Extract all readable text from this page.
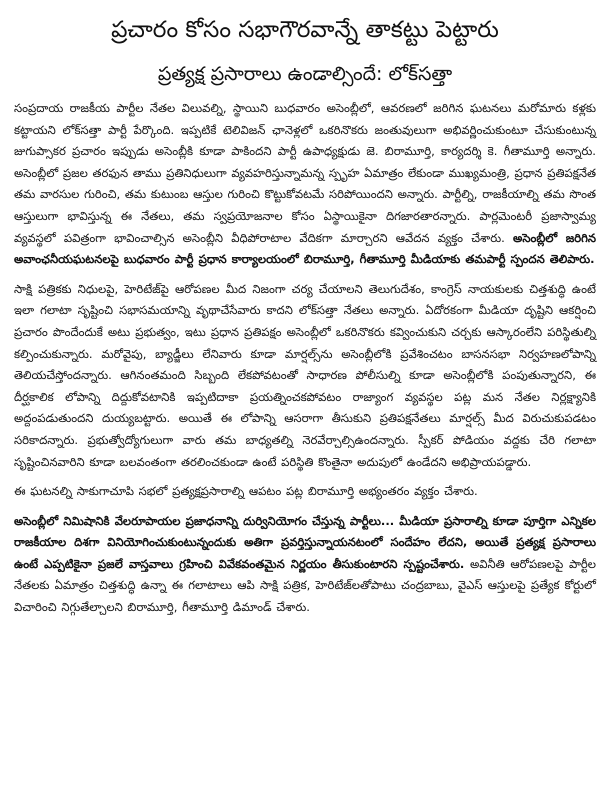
ప్రచారం కోసం సభాగౌరవాన్నే తాకట్టు పెట్టారు
ప్రత్యక్ష ప్రసారాలు ఉండాల్సిందే: లోక్‌సత్తా

సంప్రదాయ రాజకీయ పార్టీల నేతల విలువల్ని, స్థాయిని బుధవారం అసెంబ్లీలో, ఆవరణలో జరిగిన ఘటనలు మరోమారు కళ్లకు కట్టాయని లోక్‌సత్తా పార్టీ పేర్కొంది. ఇప్పటికే టెలివిజన్ ఛానెళ్లలో ఒకరినొకరు జంతువులుగా అభివర్ణించుకుంటూ చేసుకుంటున్న జుగుప్సాకర ప్రచారం ఇప్పుడు అసెంబ్లీకి కూడా పాకిందని పార్టీ ఉపాధ్యక్షుడు జె. బిరామూర్తి, కార్యదర్శి కె. గీతామూర్తి అన్నారు. అసెంబ్లీలో ప్రజల తరఫున తాము ప్రతినిధులుగా వ్యవహరిస్తున్నామన్న స్పృహ ఏమాత్రం లేకుండా ముఖ్యమంత్రి, ప్రధాన ప్రతిపక్షనేత తమ వారసుల గురించి, తమ కుటుంబ ఆస్తుల గురించి కొట్టుకోవటమే సరిపోయిందని అన్నారు. పార్టీల్ని, రాజకీయాల్ని తమ సొంత ఆస్తులుగా భావిస్తున్న ఈ నేతలు, తమ స్వప్రయోజనాల కోసం ఏస్థాయికైనా దిగజారతారన్నారు. పార్లమెంటరీ ప్రజాస్వామ్య వ్యవస్థలో పవిత్రంగా భావించాల్సిన అసెంబ్లీని వీధిపోరాటాల వేదికగా మార్చారని ఆవేదన వ్యక్తం చేశారు. అసెంబ్లీలో జరిగిన అవాంఛనీయఘటనలపై బుధవారం పార్టీ ప్రధాన కార్యాలయంలో బిరామూర్తి, గీతామూర్తి మీడియాకు తమపార్టీ స్పందన తెలిపారు.

సాక్షి పత్రికకు నిధులపై, హెరిటేజ్‌పై ఆరోపణల మీద నిజంగా చర్య చేయాలని తెలుగుదేశం, కాంగ్రెస్ నాయకులకు చిత్తశుద్ధి ఉంటే ఇలా గలాటా సృష్టించి సభాసమయాన్ని వృథాచేసేవారు కాదని లోక్‌సత్తా నేతలు అన్నారు. ఏదోరకంగా మీడియా దృష్టిని ఆకర్షించి ప్రచారం పొందేందుకే అటు ప్రభుత్వం, ఇటు ప్రధాన ప్రతిపక్షం అసెంబ్లీలో ఒకరినొకరు కవ్వించుకుని చర్చకు ఆస్కారంలేని పరిస్థితుల్ని కల్పించుకున్నారు. మరోవైపు, బ్యాడ్జీలు లేనివారు కూడా మార్షల్స్‌ను అసెంబ్లీలోకి ప్రవేశించటం బాసనసభా నిర్వహణలోపాన్ని తెలియచేస్తోందన్నారు. ఆగినంతమంది సిబ్బంది లేకపోవటంతో సాధారణ పోలీసుల్ని కూడా అసెంబ్లీలోకి పంపుతున్నారని, ఈ దీర్ఘకాలిక లోపాన్ని దిద్దుకోవటానికి ఇప్పటిదాకా ప్రయత్నించకపోవటం రాజ్యాంగ వ్యవస్థల పట్ల మన నేతల నిర్లక్ష్యానికి అద్దంపడుతుందని దుయ్యబట్టారు. అయితే ఈ లోపాన్ని ఆసరాగా తీసుకుని ప్రతిపక్షనేతలు మార్షల్స్ మీద విరుచుకుపడటం సరికాదన్నారు. ప్రభుత్వోద్యోగులుగా వారు తమ బాధ్యతల్ని నెరవేర్చాల్సిఉందన్నారు. స్పీకర్ పోడియం వద్దకు చేరి గలాటా సృష్టించినవారిని కూడా బలవంతంగా తరలించకుండా ఉంటే పరిస్థితి కొంతైనా అదుపులో ఉండేదని అభిప్రాయపడ్డారు.

ఈ ఘటనల్ని సాకుగాచూపి సభలో ప్రత్యక్షప్రసారాల్ని ఆపటం పట్ల బిరామూర్తి అభ్యంతరం వ్యక్తం చేశారు.

అసెంబ్లీలో నిమిషానికి వేలరూపాయల ప్రజాధనాన్ని దుర్వినియోగం చేస్తున్న పార్టీలు... మీడియా ప్రసారాల్ని కూడా పూర్తిగా ఎన్నికల రాజకీయాల దిశగా వినియోగించుకుంటున్నందుకు అతిగా ప్రవర్తిస్తున్నాయనటంలో సందేహం లేదని, అయితే ప్రత్యక్ష ప్రసారాలు ఉంటే ఎప్పటికైనా ప్రజలే వాస్తవాలు గ్రహించి వివేకవంతమైన నిర్ణయం తీసుకుంటారని స్పష్టంచేశారు. అవినీతి ఆరోపణలపై పార్టీల నేతలకు ఏమాత్రం చిత్తశుద్ధి ఉన్నా ఈ గలాటాలు ఆపి సాక్షి పత్రిక, హెరిటేజ్‌లతోపాటు చంద్రబాబు, వైఎస్ ఆస్తులపై ప్రత్యేక కోర్టులో విచారించి నిగ్గుతేల్చాలని బిరామూర్తి, గీతామూర్తి డిమాండ్ చేశారు.
